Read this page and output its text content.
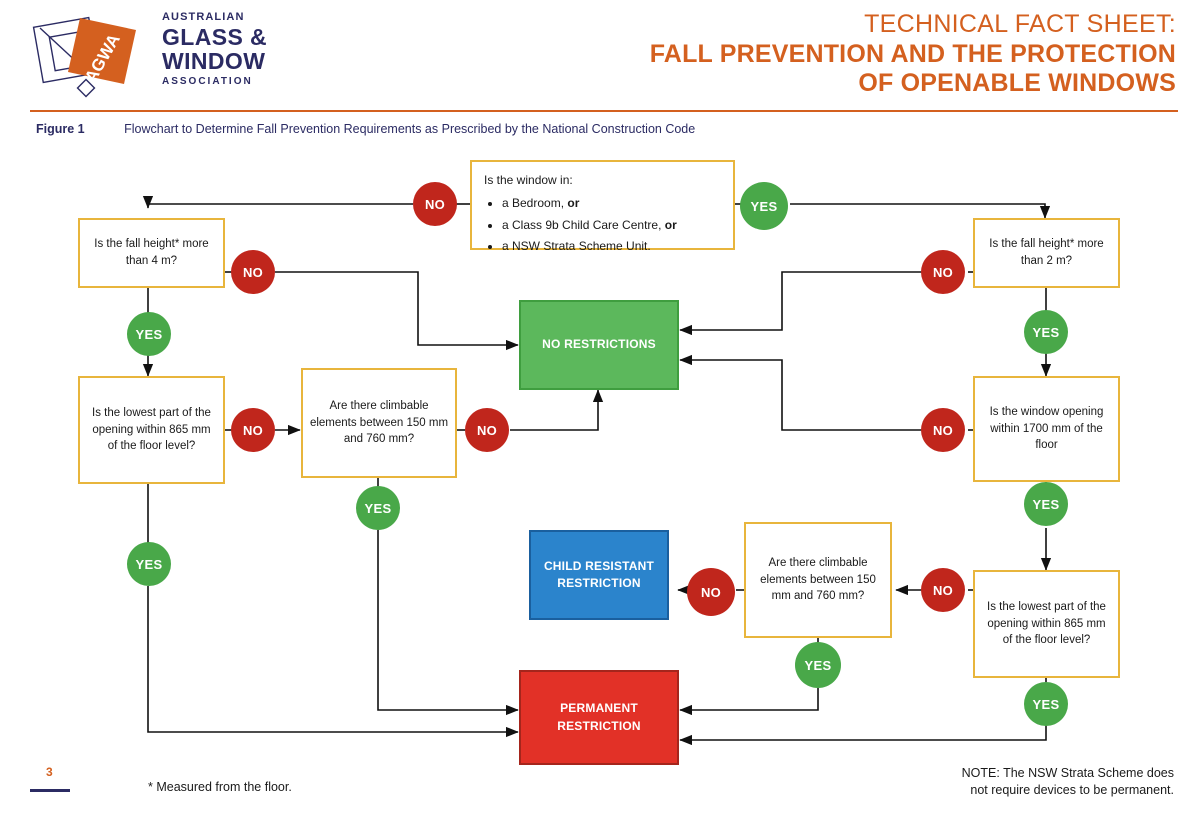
AGWA
AUSTRALIAN
GLASS &
WINDOW
ASSOCIATION
TECHNICAL FACT SHEET:
FALL PREVENTION AND THE PROTECTION
OF OPENABLE WINDOWS
Figure 1	Flowchart to Determine Fall Prevention Requirements as Prescribed by the National Construction Code

Is the window in:

• a Bedroom, or
• a Class 9b Child Care Centre, or
• a NSW Strata Scheme Unit.
NO	YES
Is the fall height* more than 4 m?
NO
YES
Is the lowest part of the opening within 865 mm of the floor level?
NO
YES
Are there climbable elements between 150 mm and 760 mm?
NO
YES
Is the fall height* more than 2 m?
NO
YES
Is the window opening within 1700 mm of the floor
NO
YES
Is the lowest part of the opening within 865 mm of the floor level?
NO
YES
Are there climbable elements between 150 mm and 760 mm?
NO
YES
NO RESTRICTIONS
CHILD RESISTANT RESTRICTION
PERMANENT RESTRICTION
* Measured from the floor.
NOTE: The NSW Strata Scheme does
not require devices to be permanent.
3
